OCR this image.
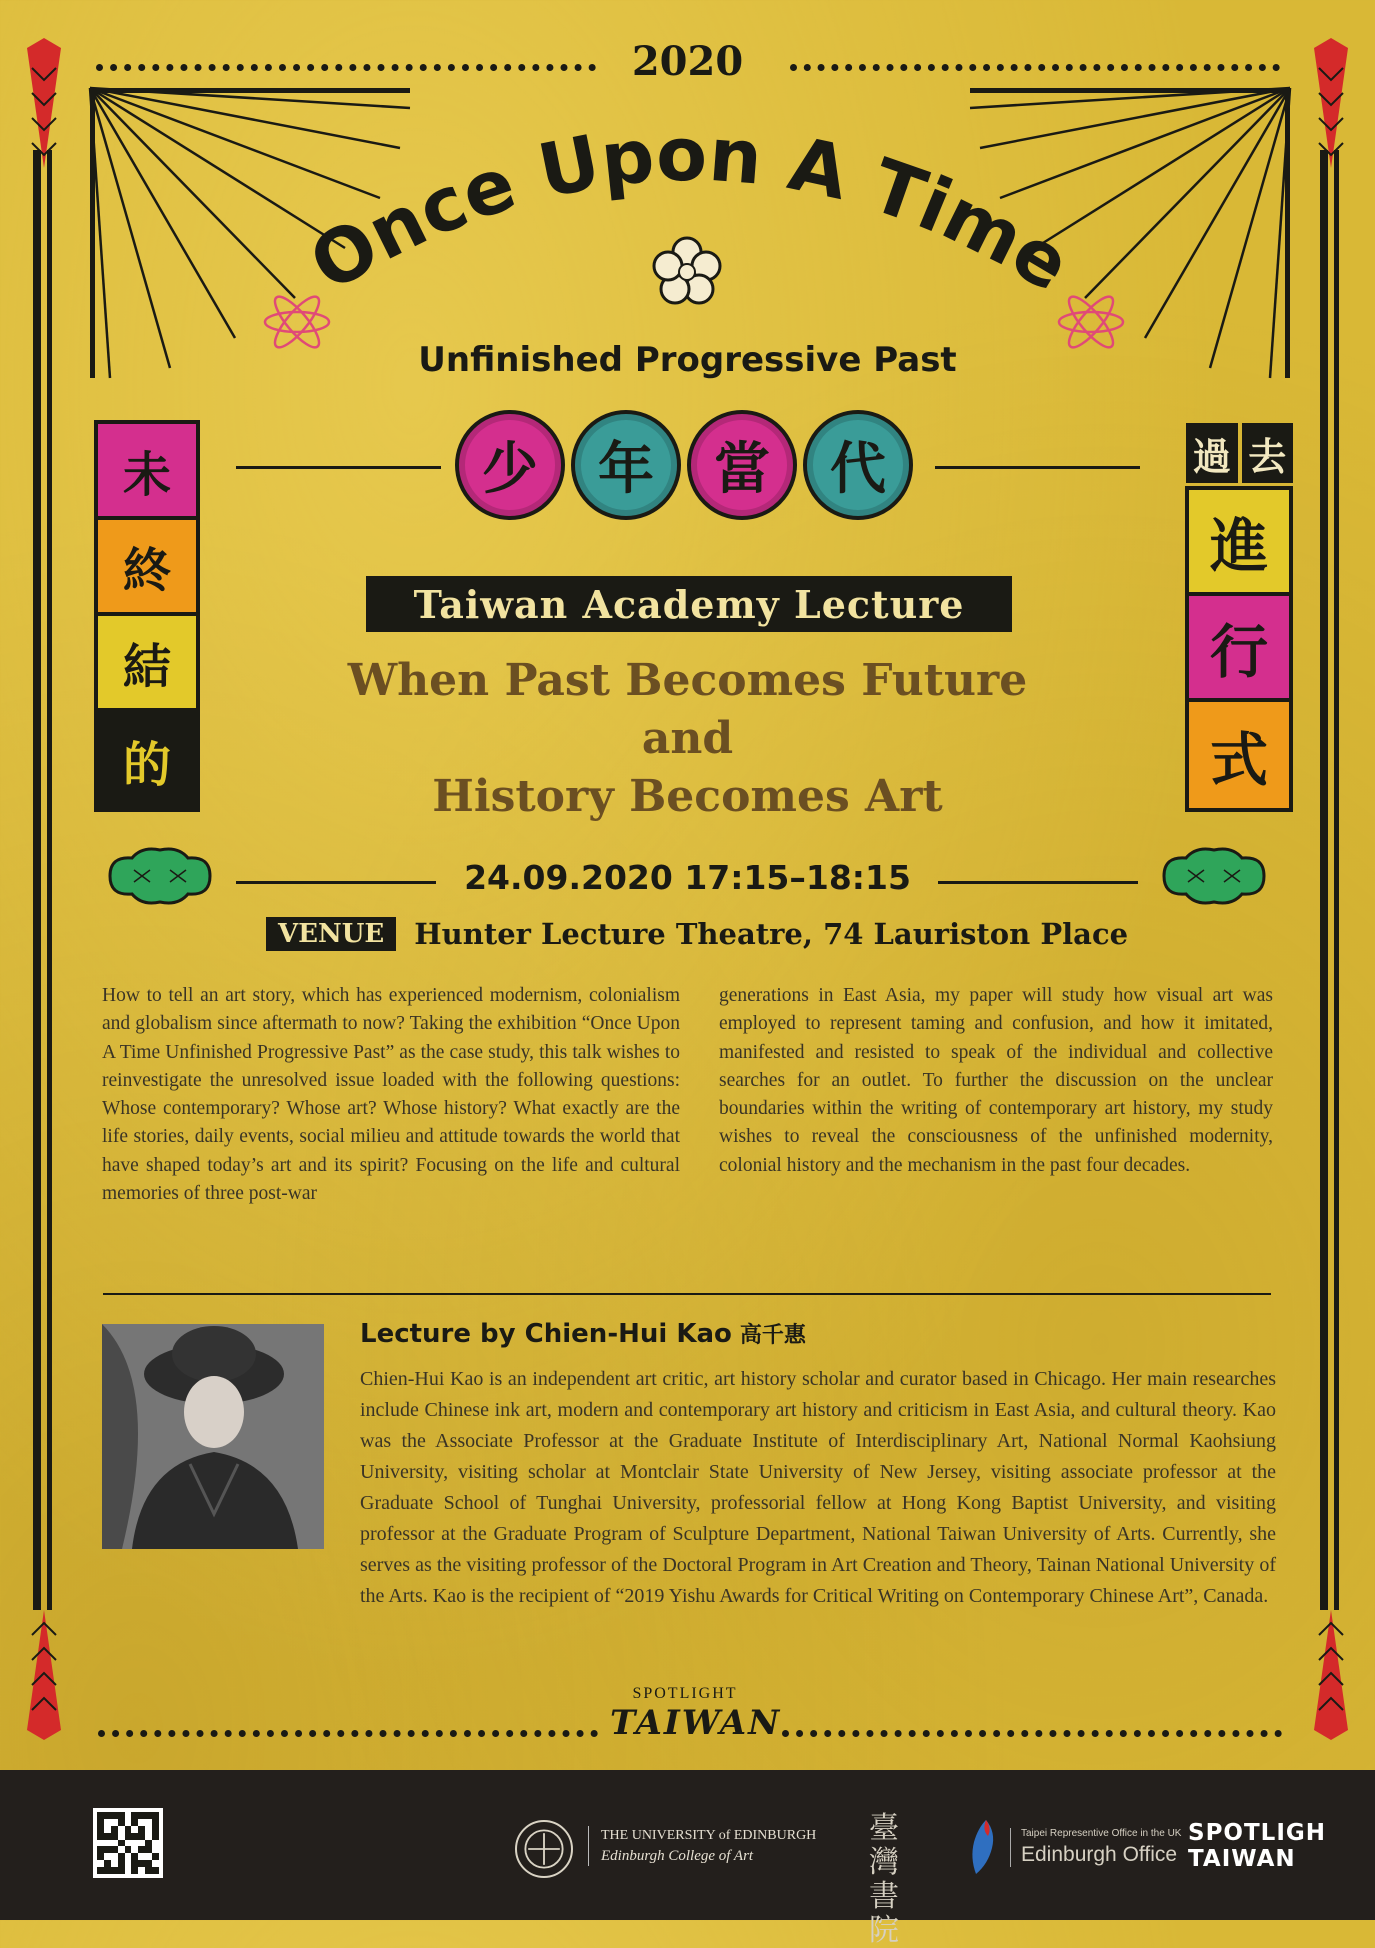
2020
Once Upon A Time
Unfinished Progressive Past
少	年	當	代
未
終
結
的
過 去
進
行
式
Taiwan Academy Lecture
When Past Becomes Future
and
History Becomes Art
24.09.2020 17:15–18:15
VENUE	Hunter Lecture Theatre, 74 Lauriston Place
How to tell an art story, which has experienced modernism, colonialism and globalism since aftermath to now? Taking the exhibition “Once Upon A Time Unfinished Progressive Past” as the case study, this talk wishes to reinvestigate the unresolved issue loaded with the following questions: Whose contemporary? Whose art? Whose history? What exactly are the life stories, daily events, social milieu and attitude towards the world that have shaped today’s art and its spirit? Focusing on the life and cultural memories of three post-war
generations in East Asia, my paper will study how visual art was employed to represent taming and confusion, and how it imitated, manifested and resisted to speak of the individual and collective searches for an outlet. To further the discussion on the unclear boundaries within the writing of contemporary art history, my study wishes to reveal the consciousness of the unfinished modernity, colonial history and the mechanism in the past four decades.
Lecture by Chien-Hui Kao 高千惠
Chien-Hui Kao is an independent art critic, art history scholar and curator based in Chicago. Her main researches include Chinese ink art, modern and contemporary art history and criticism in East Asia, and cultural theory. Kao was the Associate Professor at the Graduate Institute of Interdisciplinary Art, National Normal Kaohsiung University, visiting scholar at Montclair State University of New Jersey, visiting associate professor at the Graduate School of Tunghai University, professorial fellow at Hong Kong Baptist University, and visiting professor at the Graduate Program of Sculpture Department, National Taiwan University of Arts. Currently, she serves as the visiting professor of the Doctoral Program in Art Creation and Theory, Tainan National University of the Arts. Kao is the recipient of “2019 Yishu Awards for Critical Writing on Contemporary Chinese Art”, Canada.
SPOTLIGHT
TAIWAN
THE UNIVERSITY of EDINBURGH
Edinburgh College of Art
臺灣書院
Taipei Representive Office in the UK
Edinburgh Office
SPOTLIGH
TAIWAN
